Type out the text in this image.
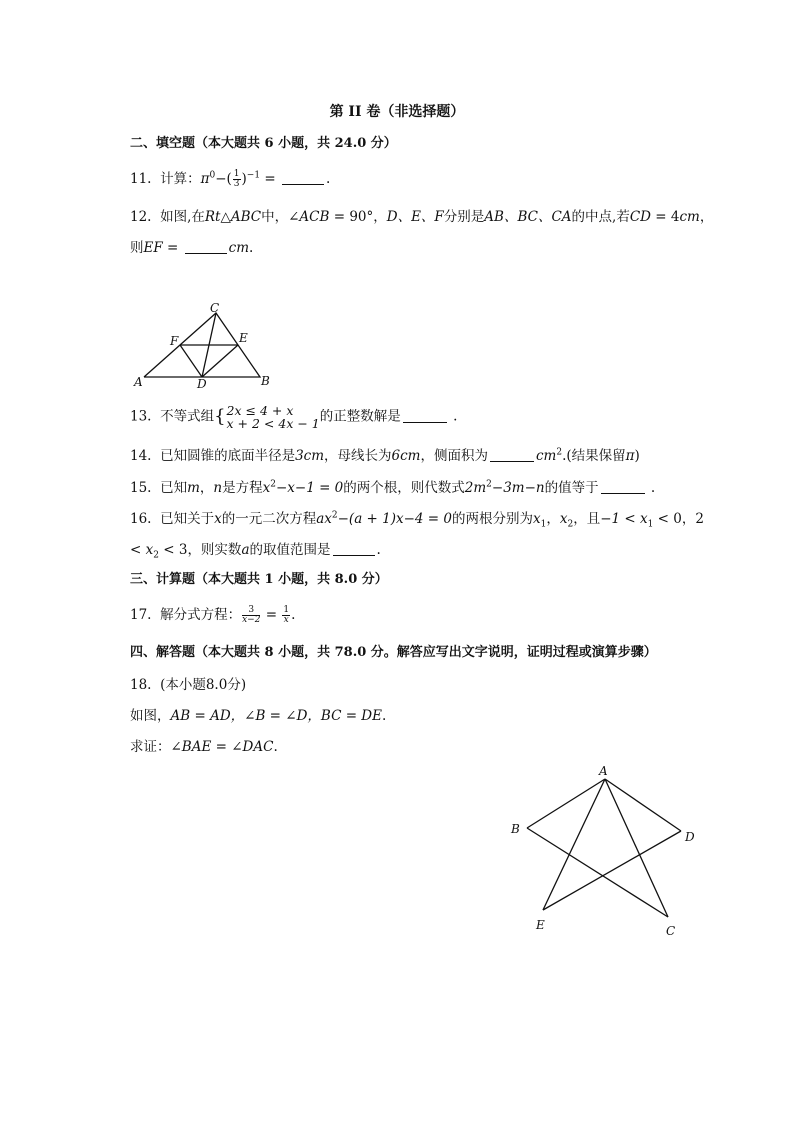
第 II 卷（非选择题）
二、填空题（本大题共 6 小题，共 24.0 分）
11. 计算：$\pi^0-( \frac{1}{3} )^{-1}$ =	.
12. 如图,在Rt△ABC中，∠ACB = 90°，D、E、F分别是AB、BC、CA的中点,若CD = 4cm，
则EF =	cm.
C
F	E
A	D	B
13. 不等式组{ 2x ≤ 4 + x
x + 2 < 4x − 1 的正整数解是	.
14. 已知圆锥的底面半径是3cm，母线长为6cm，侧面积为	$cm^2$.(结果保留π)
15. 已知m，n是方程$x^2-x-1 = 0$的两个根，则代数式$2m^2-3m-n$的值等于	.
16. 已知关于x的一元二次方程$ax^2-(a + 1)x-4 = 0$的两根分别为$x_1$，$x_2$，且$-1 < x_1 < 0$，2
< $x_2 < 3$，则实数a的取值范围是	.
三、计算题（本大题共 1 小题，共 8.0 分）
17. 解分式方程： $\frac{3}{x-2} = \frac{1}{x}$ .
四、解答题（本大题共 8 小题，共 78.0 分。解答应写出文字说明，证明过程或演算步骤）
18. (本小题8.0分)
如图，AB = AD，∠B = ∠D，BC = DE.
求证：∠BAE = ∠DAC.
A
B
D
E	C
